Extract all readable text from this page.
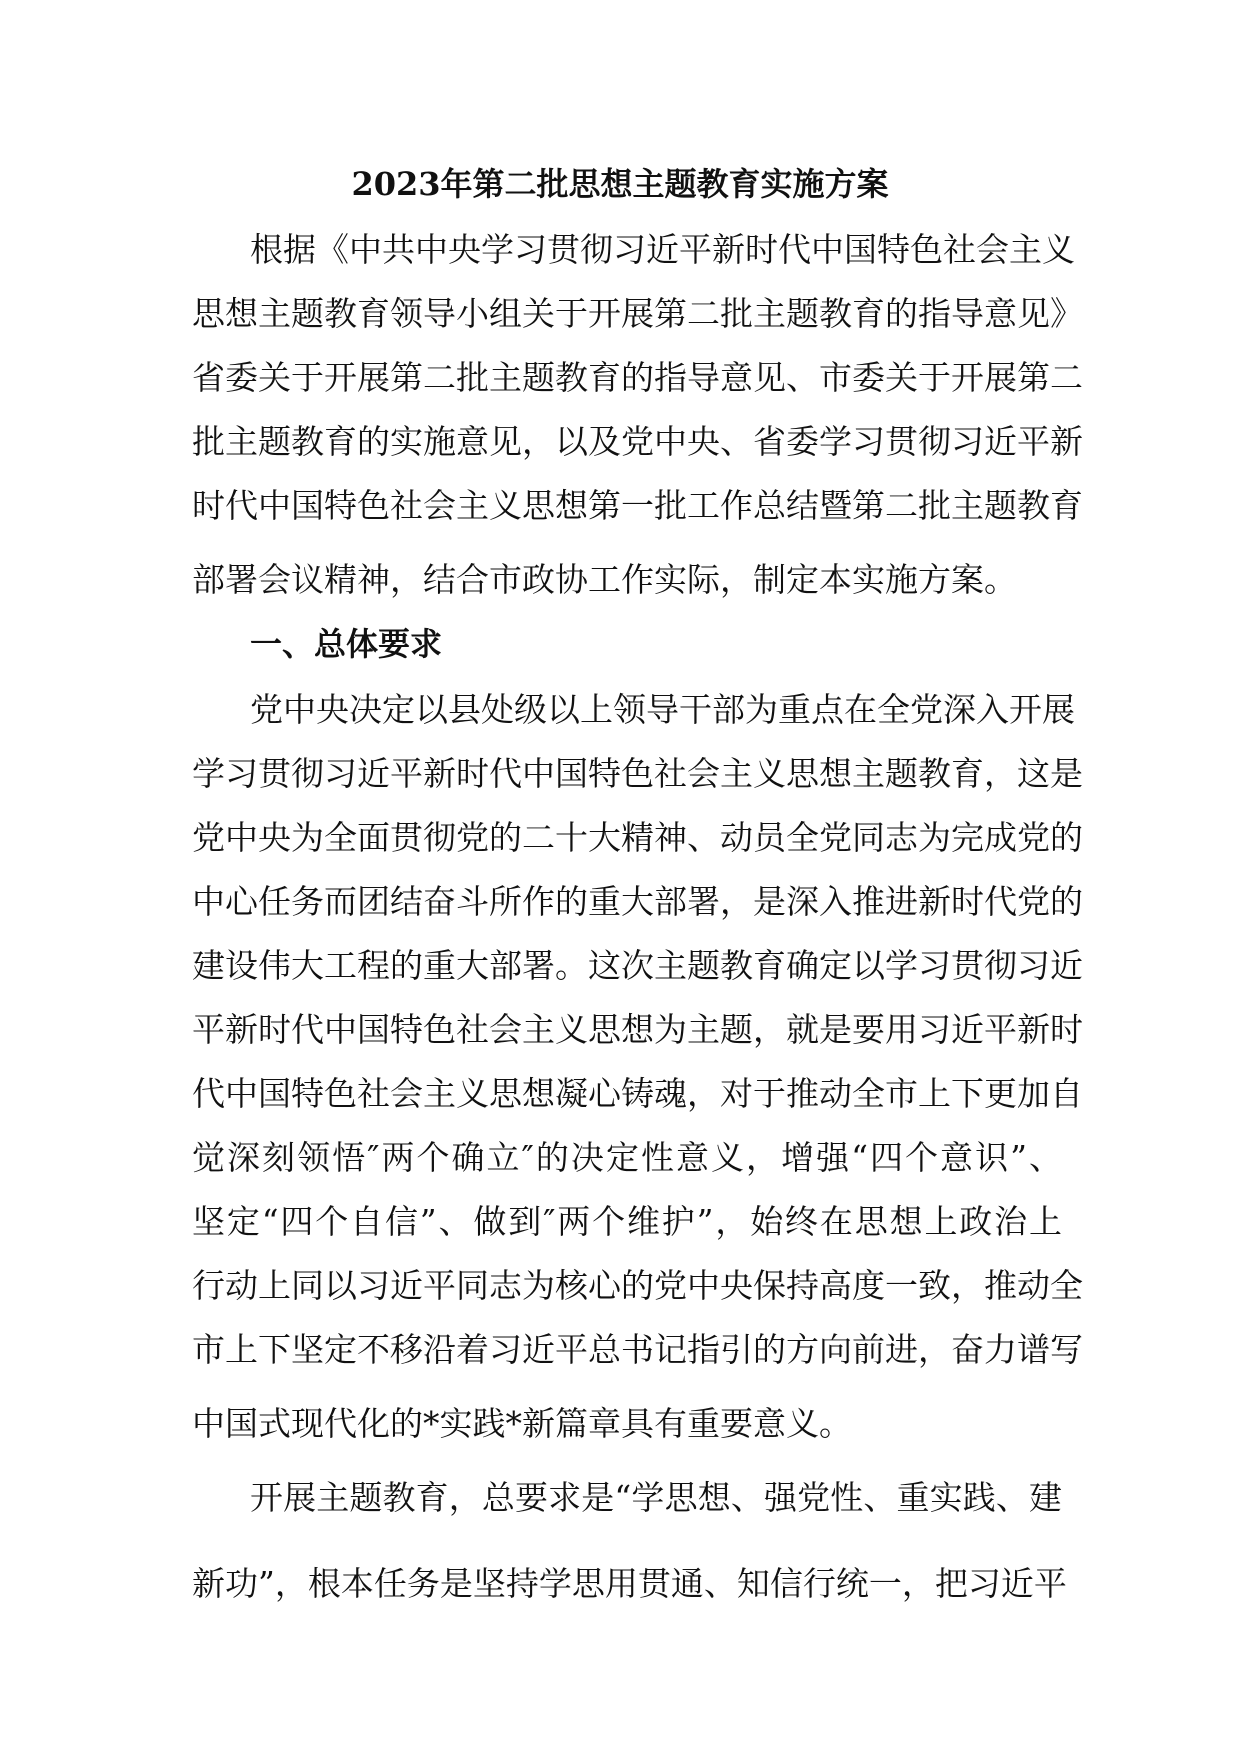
2023年第二批思想主题教育实施方案
根据《中共中央学习贯彻习近平新时代中国特色社会主义
思想主题教育领导小组关于开展第二批主题教育的指导意见》
省委关于开展第二批主题教育的指导意见、市委关于开展第二
批主题教育的实施意见，以及党中央、省委学习贯彻习近平新
时代中国特色社会主义思想第一批工作总结暨第二批主题教育
部署会议精神，结合市政协工作实际，制定本实施方案。
一、总体要求
党中央决定以县处级以上领导干部为重点在全党深入开展
学习贯彻习近平新时代中国特色社会主义思想主题教育，这是
党中央为全面贯彻党的二十大精神、动员全党同志为完成党的
中心任务而团结奋斗所作的重大部署，是深入推进新时代党的
建设伟大工程的重大部署。这次主题教育确定以学习贯彻习近
平新时代中国特色社会主义思想为主题，就是要用习近平新时
代中国特色社会主义思想凝心铸魂，对于推动全市上下更加自
觉深刻领悟″两个确立″的决定性意义，增强“四个意识”、
坚定“四个自信”、做到″两个维护”，始终在思想上政治上
行动上同以习近平同志为核心的党中央保持高度一致，推动全
市上下坚定不移沿着习近平总书记指引的方向前进，奋力谱写
中国式现代化的*实践*新篇章具有重要意义。
开展主题教育，总要求是“学思想、强党性、重实践、建
新功”，根本任务是坚持学思用贯通、知信行统一，把习近平
